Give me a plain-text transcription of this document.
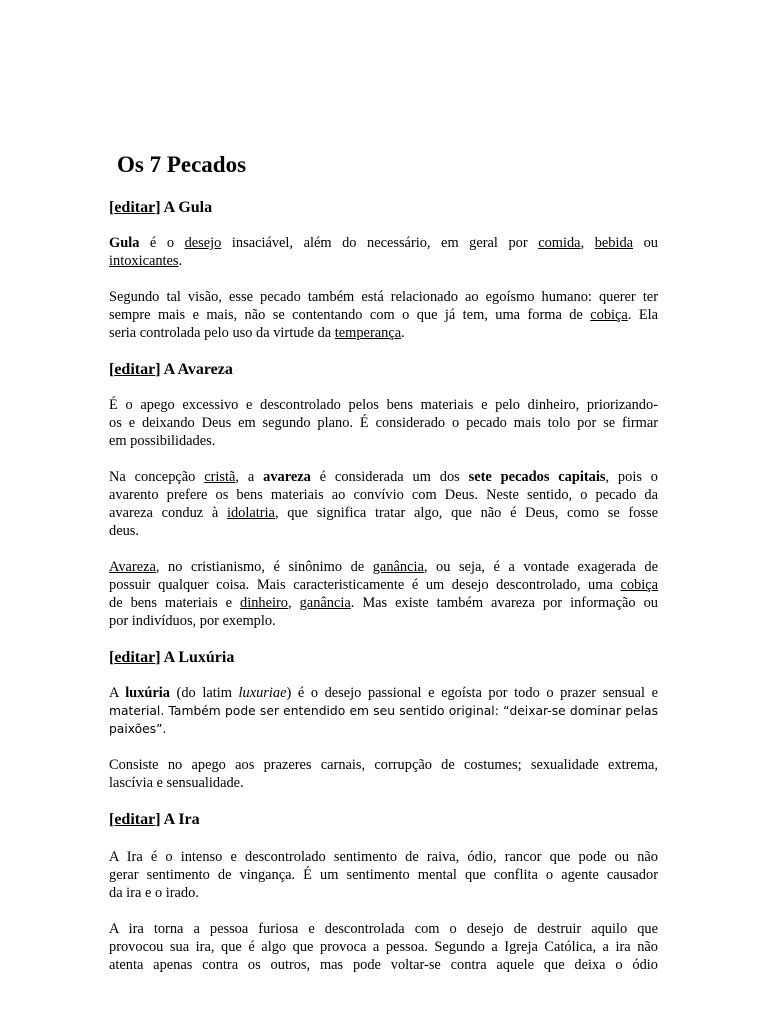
Os 7 Pecados
[editar] A Gula

Gula é o desejo insaciável, além do necessário, em geral por comida, bebida ou
intoxicantes.

Segundo tal visão, esse pecado também está relacionado ao egoísmo humano: querer ter
sempre mais e mais, não se contentando com o que já tem, uma forma de cobiça. Ela
seria controlada pelo uso da virtude da temperança.

[editar] A Avareza

É o apego excessivo e descontrolado pelos bens materiais e pelo dinheiro, priorizando-
os e deixando Deus em segundo plano. É considerado o pecado mais tolo por se firmar
em possibilidades.

Na concepção cristã, a avareza é considerada um dos sete pecados capitais, pois o
avarento prefere os bens materiais ao convívio com Deus. Neste sentido, o pecado da
avareza conduz à idolatria, que significa tratar algo, que não é Deus, como se fosse
deus.

Avareza, no cristianismo, é sinônimo de ganância, ou seja, é a vontade exagerada de
possuir qualquer coisa. Mais caracteristicamente é um desejo descontrolado, uma cobiça
de bens materiais e dinheiro, ganância. Mas existe também avareza por informação ou
por indivíduos, por exemplo.

[editar] A Luxúria

A luxúria (do latim luxuriae) é o desejo passional e egoísta por todo o prazer sensual e
material. Também pode ser entendido em seu sentido original: “deixar-se dominar pelas
paixões”.

Consiste no apego aos prazeres carnais, corrupção de costumes; sexualidade extrema,
lascívia e sensualidade.

[editar] A Ira

A Ira é o intenso e descontrolado sentimento de raiva, ódio, rancor que pode ou não
gerar sentimento de vingança. É um sentimento mental que conflita o agente causador
da ira e o irado.

A ira torna a pessoa furiosa e descontrolada com o desejo de destruir aquilo que
provocou sua ira, que é algo que provoca a pessoa. Segundo a Igreja Católica, a ira não
atenta apenas contra os outros, mas pode voltar-se contra aquele que deixa o ódio
